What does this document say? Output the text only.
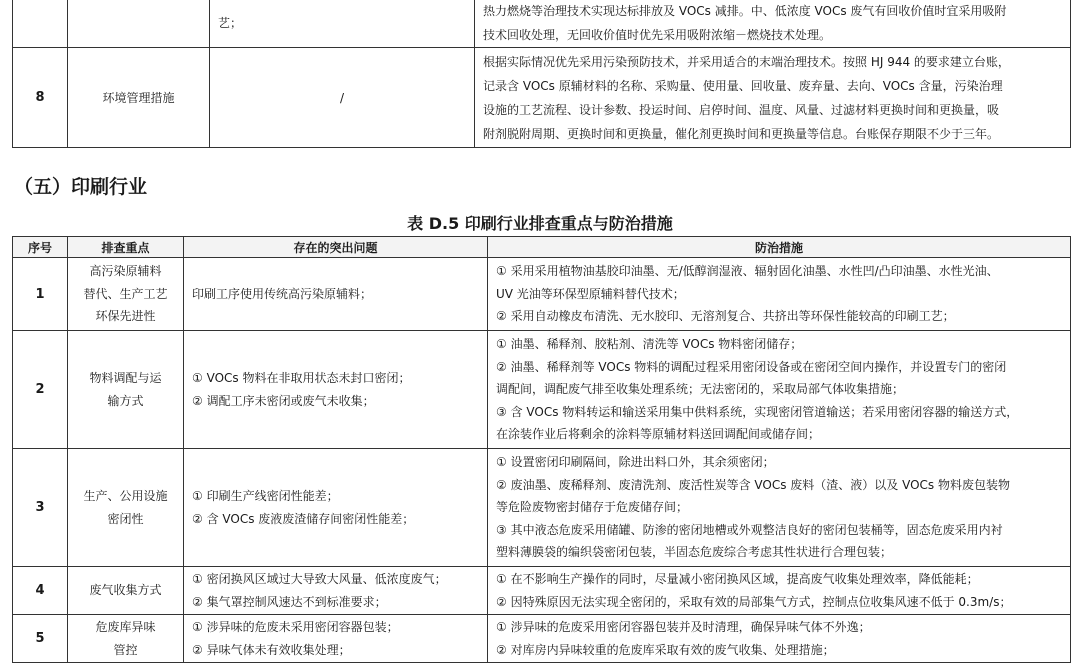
		艺；	热力燃烧等治理技术实现达标排放及 VOCs 减排。中、低浓度 VOCs 废气有回收价值时宜采用吸附
技术回收处理，无回收价值时优先采用吸附浓缩－燃烧技术处理。

8	环境管理措施	/	根据实际情况优先采用污染预防技术，并采用适合的末端治理技术。按照 HJ 944 的要求建立台账，
记录含 VOCs 原辅材料的名称、采购量、使用量、回收量、废弃量、去向、VOCs 含量，污染治理
设施的工艺流程、设计参数、投运时间、启停时间、温度、风量、过滤材料更换时间和更换量，吸
附剂脱附周期、更换时间和更换量，催化剂更换时间和更换量等信息。台账保存期限不少于三年。
（五）印刷行业
表 D.5 印刷行业排查重点与防治措施
序号	排查重点	存在的突出问题	防治措施
1	高污染原辅料
替代、生产工艺
环保先进性	印刷工序使用传统高污染原辅料；	① 采用采用植物油基胶印油墨、无/低醇润湿液、辐射固化油墨、水性凹/凸印油墨、水性光油、
UV 光油等环保型原辅料替代技术；
② 采用自动橡皮布清洗、无水胶印、无溶剂复合、共挤出等环保性能较高的印刷工艺；

2	物料调配与运
输方式	① VOCs 物料在非取用状态未封口密闭；
② 调配工序未密闭或废气未收集；	① 油墨、稀释剂、胶粘剂、清洗等 VOCs 物料密闭储存；
② 油墨、稀释剂等 VOCs 物料的调配过程采用密闭设备或在密闭空间内操作，并设置专门的密闭
调配间，调配废气排至收集处理系统；无法密闭的，采取局部气体收集措施；
③ 含 VOCs 物料转运和输送采用集中供料系统，实现密闭管道输送；若采用密闭容器的输送方式，
在涂装作业后将剩余的涂料等原辅材料送回调配间或储存间；

3	生产、公用设施
密闭性	① 印刷生产线密闭性能差；
② 含 VOCs 废液废渣储存间密闭性能差；	① 设置密闭印刷隔间，除进出料口外，其余须密闭；
② 废油墨、废稀释剂、废清洗剂、废活性炭等含 VOCs 废料（渣、液）以及 VOCs 物料废包装物
等危险废物密封储存于危废储存间；
③ 其中液态危废采用储罐、防渗的密闭地槽或外观整洁良好的密闭包装桶等，固态危废采用内衬
塑料薄膜袋的编织袋密闭包装，半固态危废综合考虑其性状进行合理包装；

4	废气收集方式	① 密闭换风区域过大导致大风量、低浓度废气；
② 集气罩控制风速达不到标准要求；	① 在不影响生产操作的同时，尽量减小密闭换风区域，提高废气收集处理效率，降低能耗；
② 因特殊原因无法实现全密闭的，采取有效的局部集气方式，控制点位收集风速不低于 0.3m/s；

5	危废库异味
管控	① 涉异味的危废未采用密闭容器包装；
② 异味气体未有效收集处理；	① 涉异味的危废采用密闭容器包装并及时清理，确保异味气体不外逸；
② 对库房内异味较重的危废库采取有效的废气收集、处理措施；
